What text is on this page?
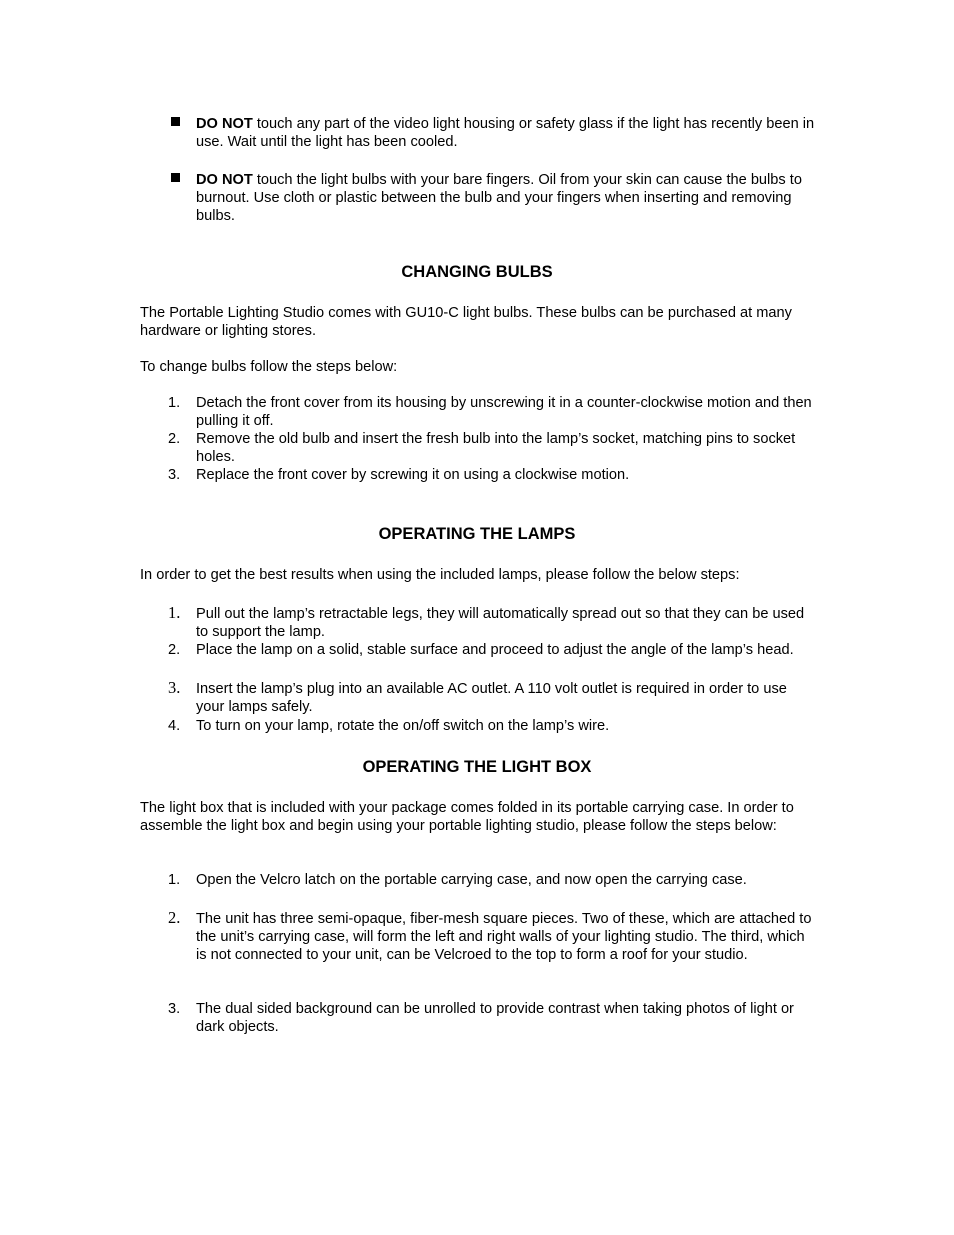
DO NOT touch any part of the video light housing or safety glass if the light has recently been in use. Wait until the light has been cooled.

DO NOT touch the light bulbs with your bare fingers. Oil from your skin can cause the bulbs to burnout. Use cloth or plastic between the bulb and your fingers when inserting and removing bulbs.

CHANGING BULBS

The Portable Lighting Studio comes with GU10-C light bulbs. These bulbs can be purchased at many hardware or lighting stores.

To change bulbs follow the steps below:

1.	Detach the front cover from its housing by unscrewing it in a counter-clockwise motion and then pulling it off.

2.	Remove the old bulb and insert the fresh bulb into the lamp’s socket, matching pins to socket holes.

3.	Replace the front cover by screwing it on using a clockwise motion.

OPERATING THE LAMPS

In order to get the best results when using the included lamps, please follow the below steps:

1.	Pull out the lamp’s retractable legs, they will automatically spread out so that they can be used to support the lamp.

2.	Place the lamp on a solid, stable surface and proceed to adjust the angle of the lamp’s head.

3.	Insert the lamp’s plug into an available AC outlet. A 110 volt outlet is required in order to use your lamps safely.

4.	To turn on your lamp, rotate the on/off switch on the lamp’s wire.

OPERATING THE LIGHT BOX

The light box that is included with your package comes folded in its portable carrying case. In order to assemble the light box and begin using your portable lighting studio, please follow the steps below:

1.	Open the Velcro latch on the portable carrying case, and now open the carrying case.

2.	The unit has three semi-opaque, fiber-mesh square pieces. Two of these, which are attached to the unit’s carrying case, will form the left and right walls of your lighting studio. The third, which is not connected to your unit, can be Velcroed to the top to form a roof for your studio.

3.	The dual sided background can be unrolled to provide contrast when taking photos of light or dark objects.
